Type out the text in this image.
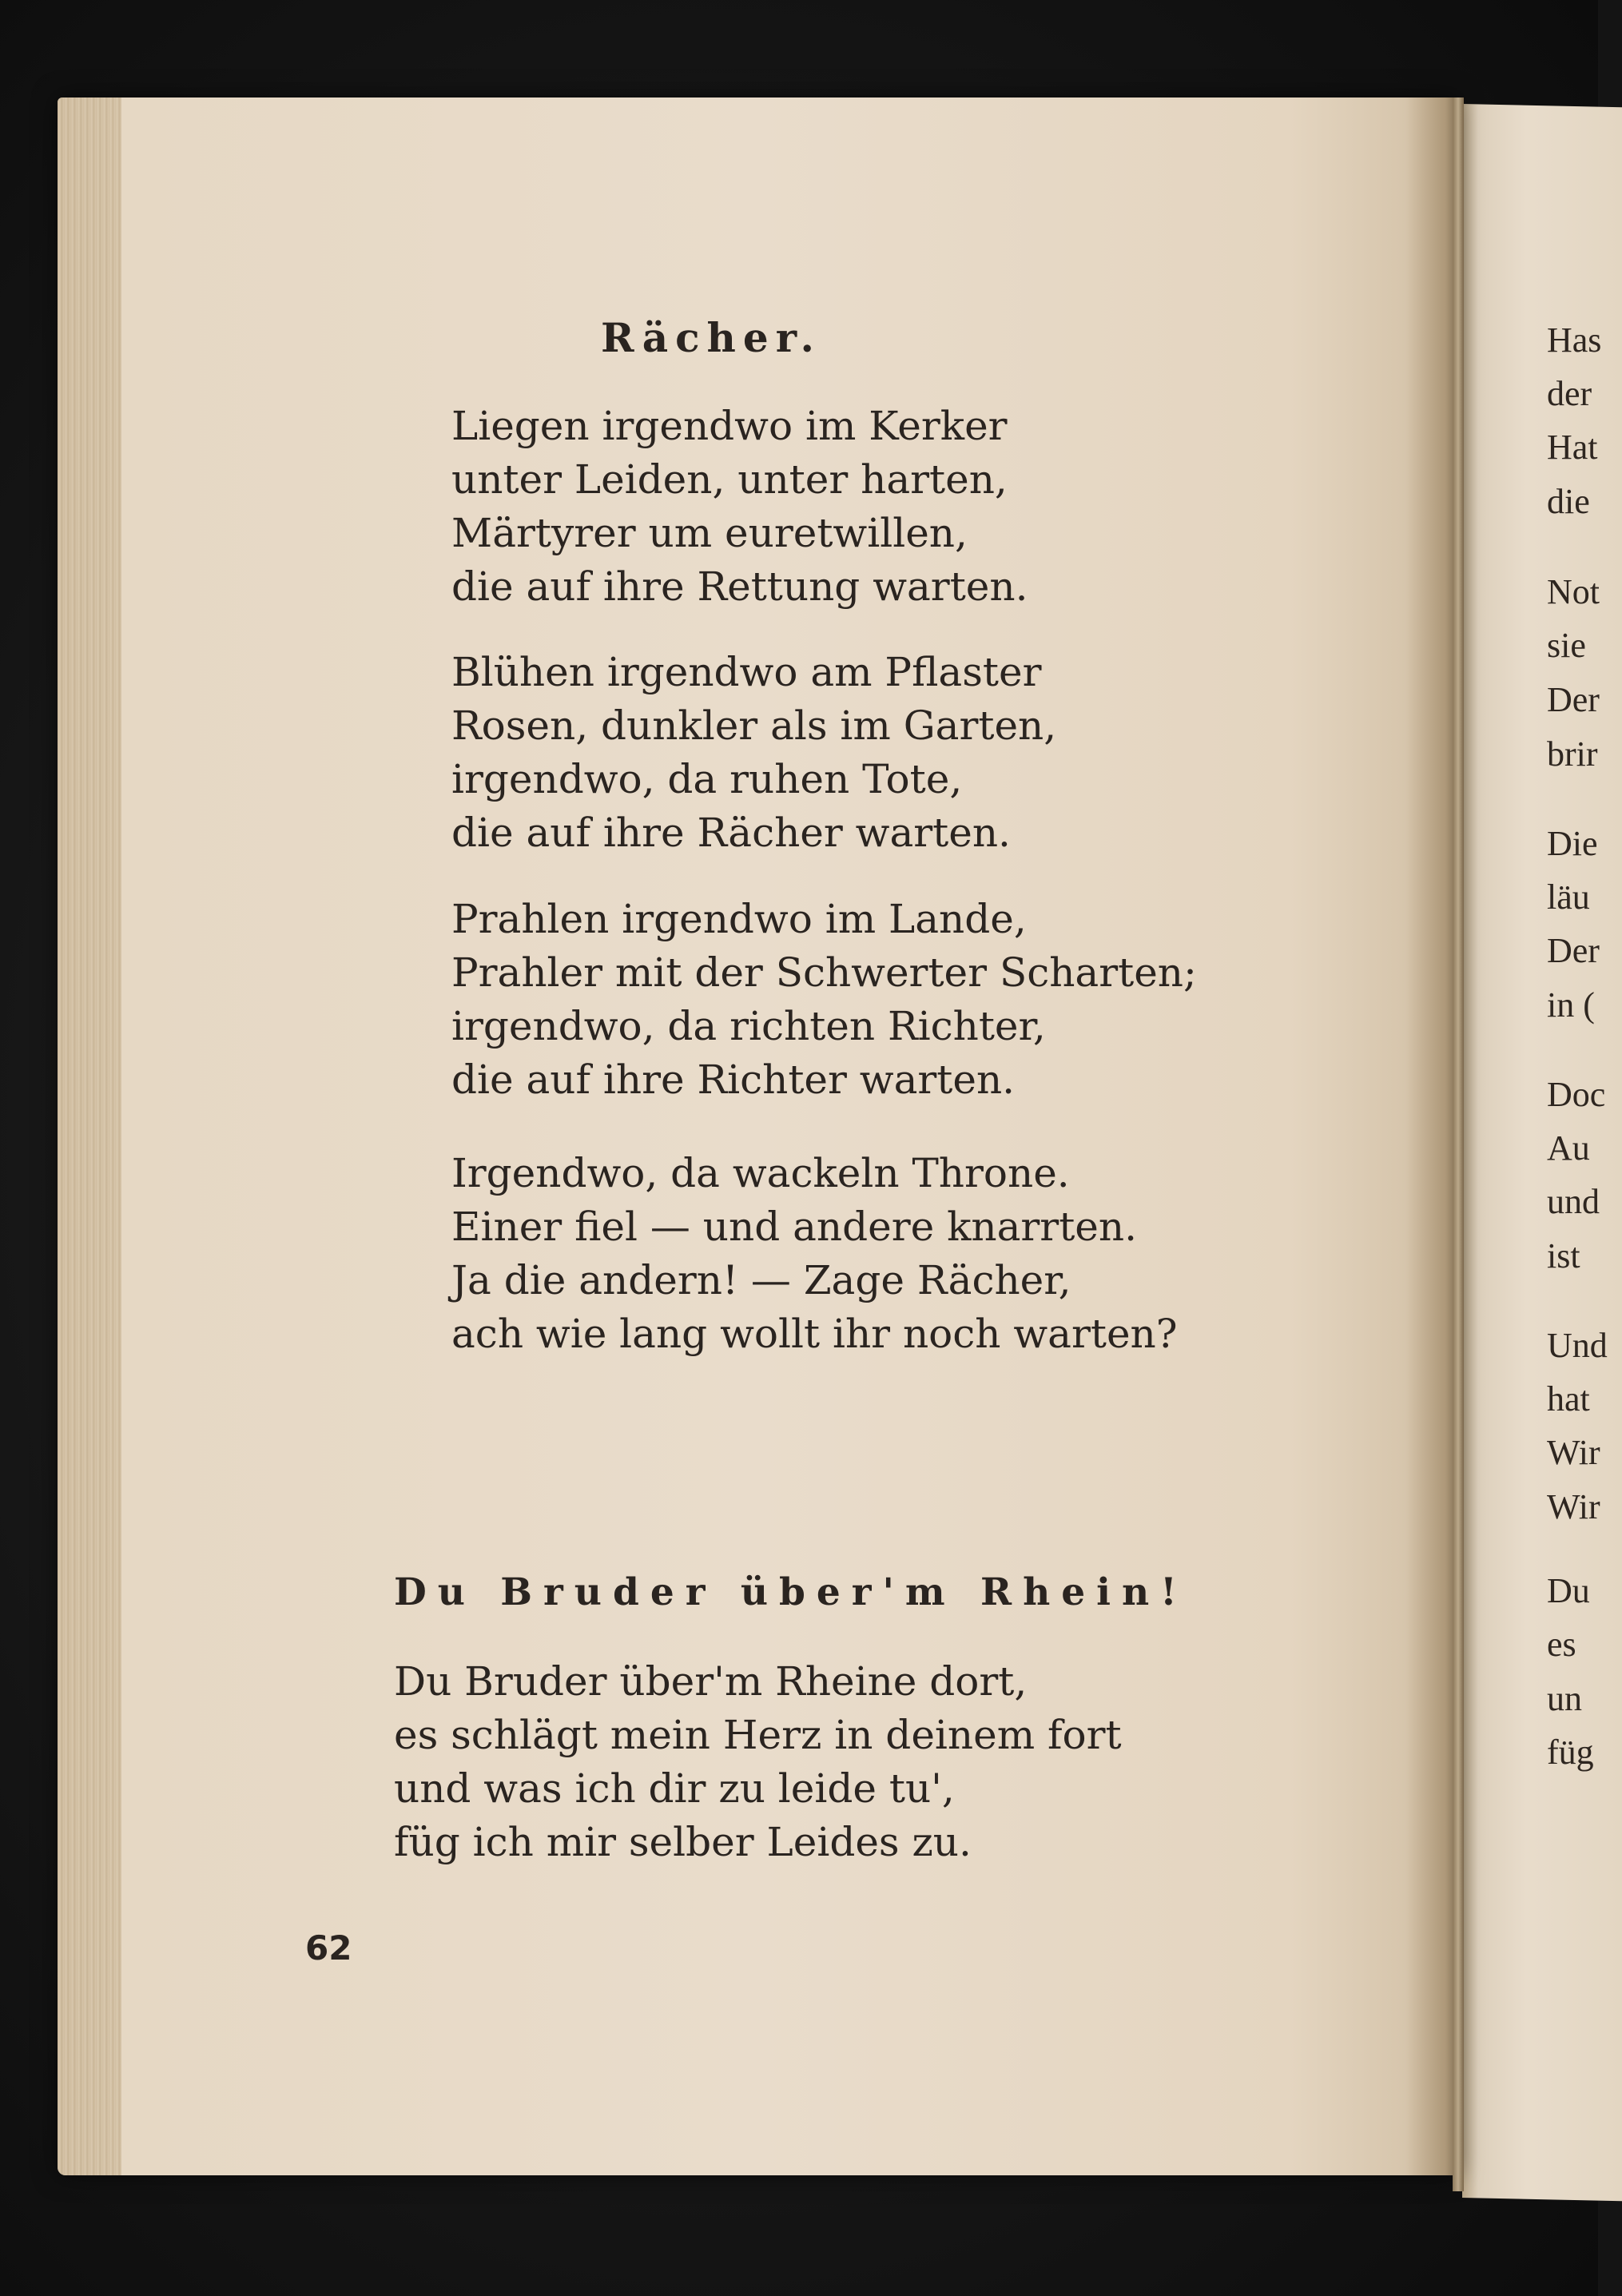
Rächer.
Liegen irgendwo im Kerker
unter Leiden, unter harten,
Märtyrer um euretwillen,
die auf ihre Rettung warten.
Blühen irgendwo am Pflaster
Rosen, dunkler als im Garten,
irgendwo, da ruhen Tote,
die auf ihre Rächer warten.
Prahlen irgendwo im Lande,
Prahler mit der Schwerter Scharten;
irgendwo, da richten Richter,
die auf ihre Richter warten.
Irgendwo, da wackeln Throne.
Einer fiel — und andere knarrten.
Ja die andern! — Zage Rächer,
ach wie lang wollt ihr noch warten?
Du Bruder über'm Rhein!
Du Bruder über'm Rheine dort,
es schlägt mein Herz in deinem fort
und was ich dir zu leide tu',
füg ich mir selber Leides zu.
62
Has
der
Hat
die
Not
sie
Der
brir
Die
läu
Der
in (
Doc
Au
und
ist
Und
hat
Wir
Wir
Du
es
un
füg
